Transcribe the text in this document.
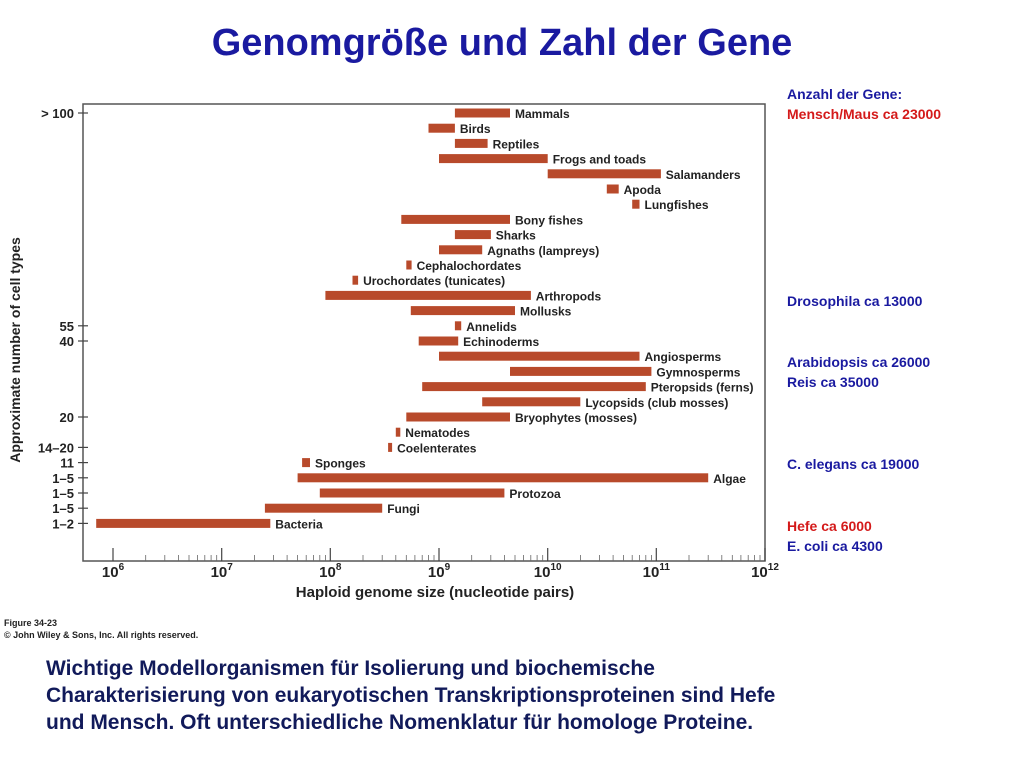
Genomgröße und Zahl der Gene
Mammals
Birds
Reptiles
Frogs and toads
Salamanders
Apoda
Lungfishes
Bony fishes
Sharks
Agnaths (lampreys)
Cephalochordates
Urochordates (tunicates)
Arthropods
Mollusks
Annelids
Echinoderms
Angiosperms
Gymnosperms
Pteropsids (ferns)
Lycopsids (club mosses)
Bryophytes (mosses)
Nematodes
Coelenterates
Sponges
Algae
Protozoa
Fungi
Bacteria
> 100
55
40
20
14–20
11
1–5
1–5
1–5
1–2
$10^6$	$10^7$	$10^8$	$10^9$	$10^{10}$	$10^{11}$	$10^{12}$
Haploid genome size (nucleotide pairs)
Approximate number of cell types
Anzahl der Gene:
Mensch/Maus ca 23000
Drosophila ca 13000
Arabidopsis ca 26000
Reis ca 35000
C. elegans ca 19000
Hefe ca 6000
E. coli ca 4300
Figure 34-23
© John Wiley & Sons, Inc. All rights reserved.

Wichtige Modellorganismen für Isolierung und biochemische
Charakterisierung von eukaryotischen Transkriptionsproteinen sind Hefe
und Mensch. Oft unterschiedliche Nomenklatur für homologe Proteine.
